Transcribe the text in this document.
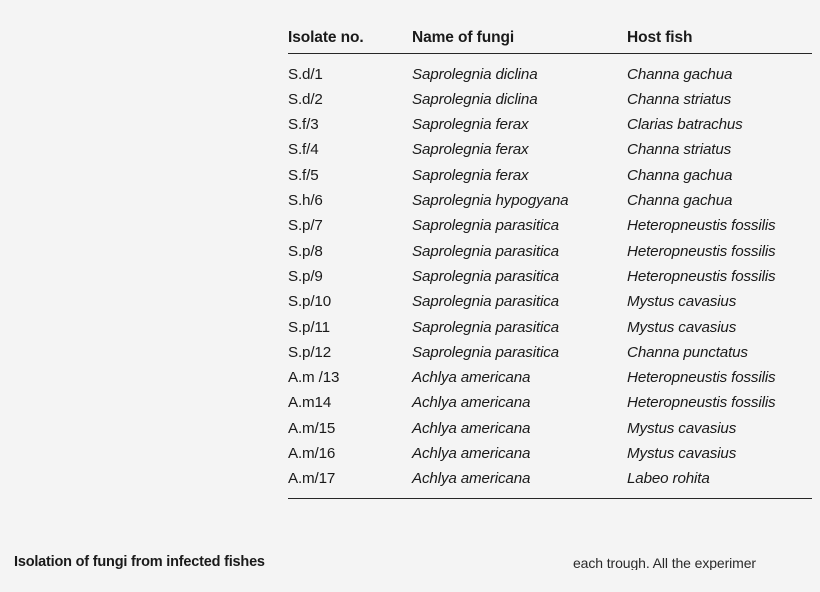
Isolate no.	Name of fungi	Host fish
S.d/1	Saprolegnia diclina	Channa gachua
S.d/2	Saprolegnia diclina	Channa striatus
S.f/3	Saprolegnia ferax	Clarias batrachus
S.f/4	Saprolegnia ferax	Channa striatus
S.f/5	Saprolegnia ferax	Channa gachua
S.h/6	Saprolegnia hypogyana	Channa gachua
S.p/7	Saprolegnia parasitica	Heteropneustis fossilis
S.p/8	Saprolegnia parasitica	Heteropneustis fossilis
S.p/9	Saprolegnia parasitica	Heteropneustis fossilis
S.p/10	Saprolegnia parasitica	Mystus cavasius
S.p/11	Saprolegnia parasitica	Mystus cavasius
S.p/12	Saprolegnia parasitica	Channa punctatus
A.m /13	Achlya americana	Heteropneustis fossilis
A.m14	Achlya americana	Heteropneustis fossilis
A.m/15	Achlya americana	Mystus cavasius
A.m/16	Achlya americana	Mystus cavasius
A.m/17	Achlya americana	Labeo rohita
Isolation of fungi from infected fishes	each trough. All the experimer
